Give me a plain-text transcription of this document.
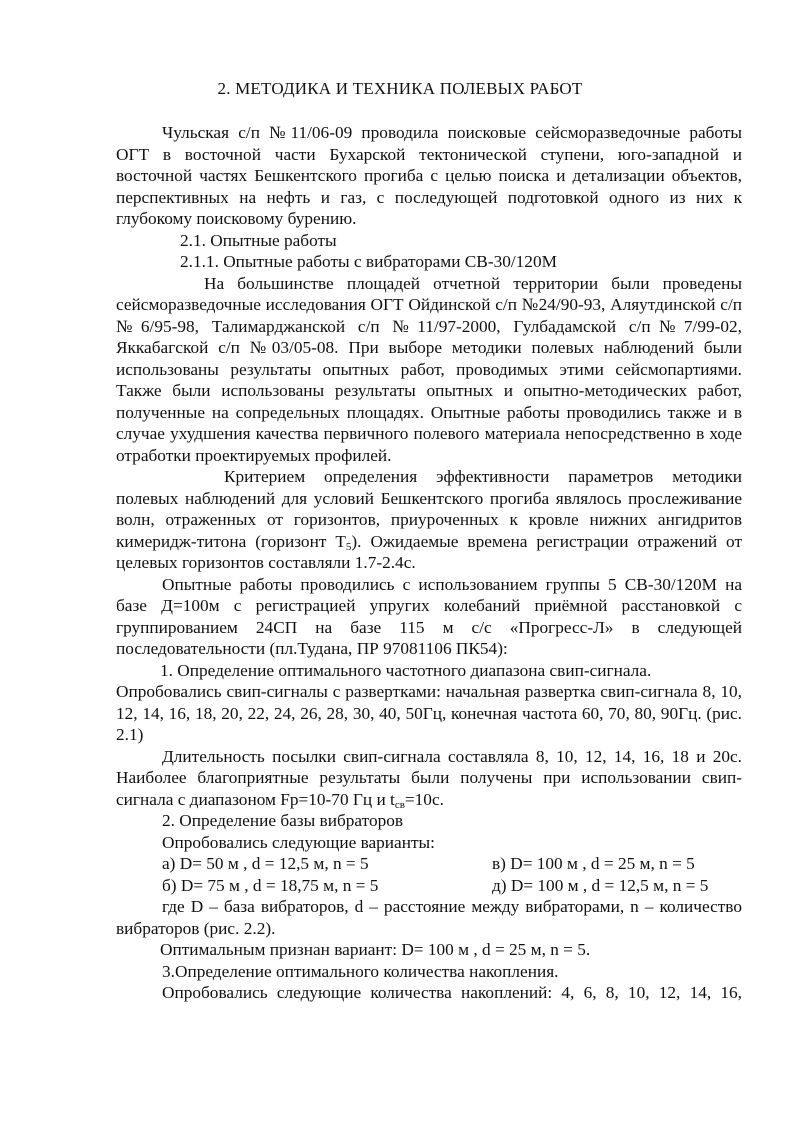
2. МЕТОДИКА И ТЕХНИКА ПОЛЕВЫХ РАБОТ

Чульская с/п №11/06-09 проводила поисковые сейсморазведочные работы ОГТ в восточной части Бухарской тектонической ступени, юго-западной и восточной частях Бешкентского прогиба с целью поиска и детализации объектов, перспективных на нефть и газ, с последующей подготовкой одного из них к глубокому поисковому бурению.

2.1. Опытные работы

2.1.1. Опытные работы с вибраторами СВ-30/120М

На большинстве площадей отчетной территории были проведены сейсморазведочные исследования ОГТ Ойдинской с/п №24/90-93, Аляутдинской с/п №6/95-98, Талимарджанской с/п №11/97-2000, Гулбадамской с/п№7/99-02, Яккабагской с/п №03/05-08. При выборе методики полевых наблюдений были использованы результаты опытных работ, проводимых этими сейсмопартиями. Также были использованы результаты опытных и опытно-методических работ, полученные на сопредельных площадях. Опытные работы проводились также и в случае ухудшения качества первичного полевого материала непосредственно в ходе отработки проектируемых профилей.

Критерием определения эффективности параметров методики полевых наблюдений для условий Бешкентского прогиба являлось прослеживание волн, отраженных от горизонтов, приуроченных к кровле нижних ангидритов кимеридж-титона (горизонт $Т_5$). Ожидаемые времена регистрации отражений от целевых горизонтов составляли 1.7-2.4с.

Опытные работы проводились с использованием группы 5 СВ-30/120М на базе Д=100м с регистрацией упругих колебаний приёмной расстановкой с группированием 24СП на базе 115 м с/с «Прогресс-Л» в следующей последовательности (пл.Тудана, ПР 97081106 ПК54):

1. Определение оптимального частотного диапазона свип-сигнала.

Опробовались свип-сигналы с развертками: начальная развертка свип-сигнала 8, 10, 12, 14, 16, 18, 20, 22, 24, 26, 28, 30, 40, 50Гц, конечная частота 60, 70, 80, 90Гц. (рис. 2.1)

Длительность посылки свип-сигнала составляла 8, 10, 12, 14, 16, 18 и 20с. Наиболее благоприятные результаты были получены при использовании свип-сигнала с диапазоном Fр=10-70 Гц и $t_{св}=10с$.

2. Определение базы вибраторов

Опробовались следующие варианты:

а) D= 50 м , d = 12,5 м, n = 5	в) D= 100 м , d = 25 м, n = 5
б) D= 75 м , d = 18,75 м, n = 5	д) D= 100 м , d = 12,5 м, n = 5

где D – база вибраторов, d – расстояние между вибраторами, n – количество вибраторов (рис. 2.2).

Оптимальным признан вариант: D= 100 м , d = 25 м, n = 5.

3.Определение оптимального количества накопления.

Опробовались следующие количества накоплений: 4, 6, 8, 10, 12, 14, 16,
